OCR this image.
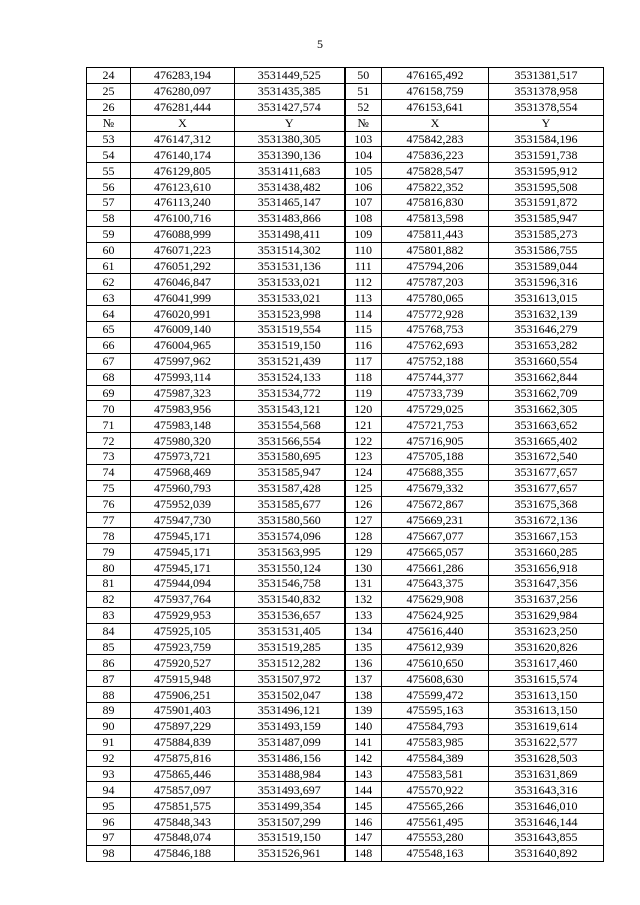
5
24	476283,194	3531449,525	50	476165,492	3531381,517
25	476280,097	3531435,385	51	476158,759	3531378,958
26	476281,444	3531427,574	52	476153,641	3531378,554
№	X	Y	№	X	Y
53	476147,312	3531380,305	103	475842,283	3531584,196
54	476140,174	3531390,136	104	475836,223	3531591,738
55	476129,805	3531411,683	105	475828,547	3531595,912
56	476123,610	3531438,482	106	475822,352	3531595,508
57	476113,240	3531465,147	107	475816,830	3531591,872
58	476100,716	3531483,866	108	475813,598	3531585,947
59	476088,999	3531498,411	109	475811,443	3531585,273
60	476071,223	3531514,302	110	475801,882	3531586,755
61	476051,292	3531531,136	111	475794,206	3531589,044
62	476046,847	3531533,021	112	475787,203	3531596,316
63	476041,999	3531533,021	113	475780,065	3531613,015
64	476020,991	3531523,998	114	475772,928	3531632,139
65	476009,140	3531519,554	115	475768,753	3531646,279
66	476004,965	3531519,150	116	475762,693	3531653,282
67	475997,962	3531521,439	117	475752,188	3531660,554
68	475993,114	3531524,133	118	475744,377	3531662,844
69	475987,323	3531534,772	119	475733,739	3531662,709
70	475983,956	3531543,121	120	475729,025	3531662,305
71	475983,148	3531554,568	121	475721,753	3531663,652
72	475980,320	3531566,554	122	475716,905	3531665,402
73	475973,721	3531580,695	123	475705,188	3531672,540
74	475968,469	3531585,947	124	475688,355	3531677,657
75	475960,793	3531587,428	125	475679,332	3531677,657
76	475952,039	3531585,677	126	475672,867	3531675,368
77	475947,730	3531580,560	127	475669,231	3531672,136
78	475945,171	3531574,096	128	475667,077	3531667,153
79	475945,171	3531563,995	129	475665,057	3531660,285
80	475945,171	3531550,124	130	475661,286	3531656,918
81	475944,094	3531546,758	131	475643,375	3531647,356
82	475937,764	3531540,832	132	475629,908	3531637,256
83	475929,953	3531536,657	133	475624,925	3531629,984
84	475925,105	3531531,405	134	475616,440	3531623,250
85	475923,759	3531519,285	135	475612,939	3531620,826
86	475920,527	3531512,282	136	475610,650	3531617,460
87	475915,948	3531507,972	137	475608,630	3531615,574
88	475906,251	3531502,047	138	475599,472	3531613,150
89	475901,403	3531496,121	139	475595,163	3531613,150
90	475897,229	3531493,159	140	475584,793	3531619,614
91	475884,839	3531487,099	141	475583,985	3531622,577
92	475875,816	3531486,156	142	475584,389	3531628,503
93	475865,446	3531488,984	143	475583,581	3531631,869
94	475857,097	3531493,697	144	475570,922	3531643,316
95	475851,575	3531499,354	145	475565,266	3531646,010
96	475848,343	3531507,299	146	475561,495	3531646,144
97	475848,074	3531519,150	147	475553,280	3531643,855
98	475846,188	3531526,961	148	475548,163	3531640,892
